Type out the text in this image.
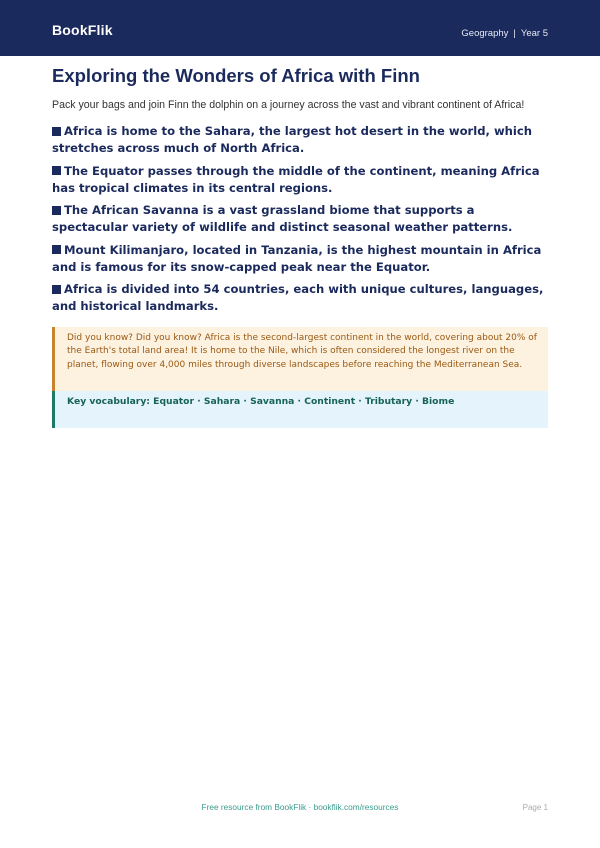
BookFlik	Geography | Year 5
Exploring the Wonders of Africa with Finn

Pack your bags and join Finn the dolphin on a journey across the vast and vibrant continent of Africa!

Africa is home to the Sahara, the largest hot desert in the world, which stretches across much of North Africa.
The Equator passes through the middle of the continent, meaning Africa has tropical climates in its central regions.
The African Savanna is a vast grassland biome that supports a spectacular variety of wildlife and distinct seasonal weather patterns.
Mount Kilimanjaro, located in Tanzania, is the highest mountain in Africa and is famous for its snow-capped peak near the Equator.
Africa is divided into 54 countries, each with unique cultures, languages, and historical landmarks.
Did you know? Did you know? Africa is the second-largest continent in the world, covering about 20% of the Earth's total land area! It is home to the Nile, which is often considered the longest river on the planet, flowing over 4,000 miles through diverse landscapes before reaching the Mediterranean Sea.
Key vocabulary: Equator · Sahara · Savanna · Continent · Tributary · Biome
Free resource from BookFlik · bookflik.com/resources	Page 1
